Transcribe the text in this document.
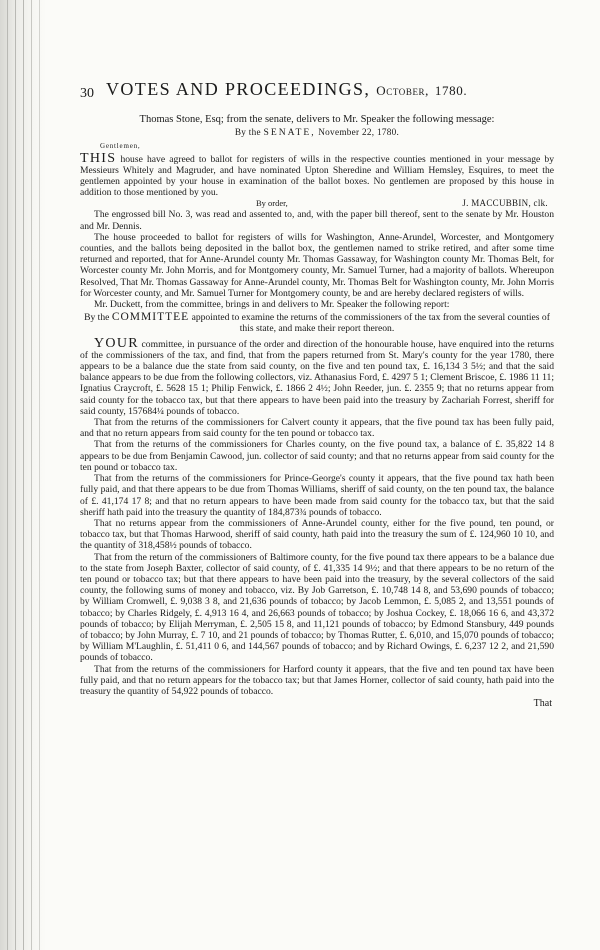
30 VOTES AND PROCEEDINGS, October, 1780.
Thomas Stone, Esq; from the senate, delivers to Mr. Speaker the following message:
By the SENATE, November 22, 1780.
Gentlemen,

THIS house have agreed to ballot for registers of wills in the respective counties mentioned in your message by Messieurs Whitely and Magruder, and have nominated Upton Sheredine and William Hemsley, Esquires, to meet the gentlemen appointed by your house in examination of the ballot boxes. No gentlemen are proposed by this house in addition to those mentioned by you.

By order,	J. MACCUBBIN, clk.

The engrossed bill No. 3, was read and assented to, and, with the paper bill thereof, sent to the senate by Mr. Houston and Mr. Dennis.

The house proceeded to ballot for registers of wills for Washington, Anne-Arundel, Worcester, and Montgomery counties, and the ballots being deposited in the ballot box, the gentlemen named to strike retired, and after some time returned and reported, that for Anne-Arundel county Mr. Thomas Gassaway, for Washington county Mr. Thomas Belt, for Worcester county Mr. John Morris, and for Montgomery county, Mr. Samuel Turner, had a majority of ballots. Whereupon Resolved, That Mr. Thomas Gassaway for Anne-Arundel county, Mr. Thomas Belt for Washington county, Mr. John Morris for Worcester county, and Mr. Samuel Turner for Montgomery county, be and are hereby declared registers of wills.

Mr. Duckett, from the committee, brings in and delivers to Mr. Speaker the following report:

By the COMMITTEE appointed to examine the returns of the commissioners of the tax from the several counties of this state, and make their report thereon.

YOUR committee, in pursuance of the order and direction of the honourable house, have enquired into the returns of the commissioners of the tax, and find, that from the papers returned from St. Mary's county for the year 1780, there appears to be a balance due the state from said county, on the five and ten pound tax, £. 16,134 3 5½; and that the said balance appears to be due from the following collectors, viz. Athanasius Ford, £. 4297 5 1; Clement Briscoe, £. 1986 11 11; Ignatius Craycroft, £. 5628 15 1; Philip Fenwick, £. 1866 2 4½; John Reeder, jun. £. 2355 9; that no returns appear from said county for the tobacco tax, but that there appears to have been paid into the treasury by Zachariah Forrest, sheriff for said county, 157684¼ pounds of tobacco.

That from the returns of the commissioners for Calvert county it appears, that the five pound tax has been fully paid, and that no return appears from said county for the ten pound or tobacco tax.

That from the returns of the commissioners for Charles county, on the five pound tax, a balance of £. 35,822 14 8 appears to be due from Benjamin Cawood, jun. collector of said county; and that no returns appear from said county for the ten pound or tobacco tax.

That from the returns of the commissioners for Prince-George's county it appears, that the five pound tax hath been fully paid, and that there appears to be due from Thomas Williams, sheriff of said county, on the ten pound tax, the balance of £. 41,174 17 8; and that no return appears to have been made from said county for the tobacco tax, but that the said sheriff hath paid into the treasury the quantity of 184,873¾ pounds of tobacco.

That no returns appear from the commissioners of Anne-Arundel county, either for the five pound, ten pound, or tobacco tax, but that Thomas Harwood, sheriff of said county, hath paid into the treasury the sum of £. 124,960 10 10, and the quantity of 318,458½ pounds of tobacco.

That from the return of the commissioners of Baltimore county, for the five pound tax there appears to be a balance due to the state from Joseph Baxter, collector of said county, of £. 41,335 14 9½; and that there appears to be no return of the ten pound or tobacco tax; but that there appears to have been paid into the treasury, by the several collectors of the said county, the following sums of money and tobacco, viz. By Job Garretson, £. 10,748 14 8, and 53,690 pounds of tobacco; by William Cromwell, £. 9,038 3 8, and 21,636 pounds of tobacco; by Jacob Lemmon, £. 5,085 2, and 13,551 pounds of tobacco; by Charles Ridgely, £. 4,913 16 4, and 26,663 pounds of tobacco; by Joshua Cockey, £. 18,066 16 6, and 43,372 pounds of tobacco; by Elijah Merryman, £. 2,505 15 8, and 11,121 pounds of tobacco; by Edmond Stansbury, 449 pounds of tobacco; by John Murray, £. 7 10, and 21 pounds of tobacco; by Thomas Rutter, £. 6,010, and 15,070 pounds of tobacco; by William M'Laughlin, £. 51,411 0 6, and 144,567 pounds of tobacco; and by Richard Owings, £. 6,237 12 2, and 21,590 pounds of tobacco.

That from the returns of the commissioners for Harford county it appears, that the five and ten pound tax have been fully paid, and that no return appears for the tobacco tax; but that James Horner, collector of said county, hath paid into the treasury the quantity of 54,922 pounds of tobacco.

That
